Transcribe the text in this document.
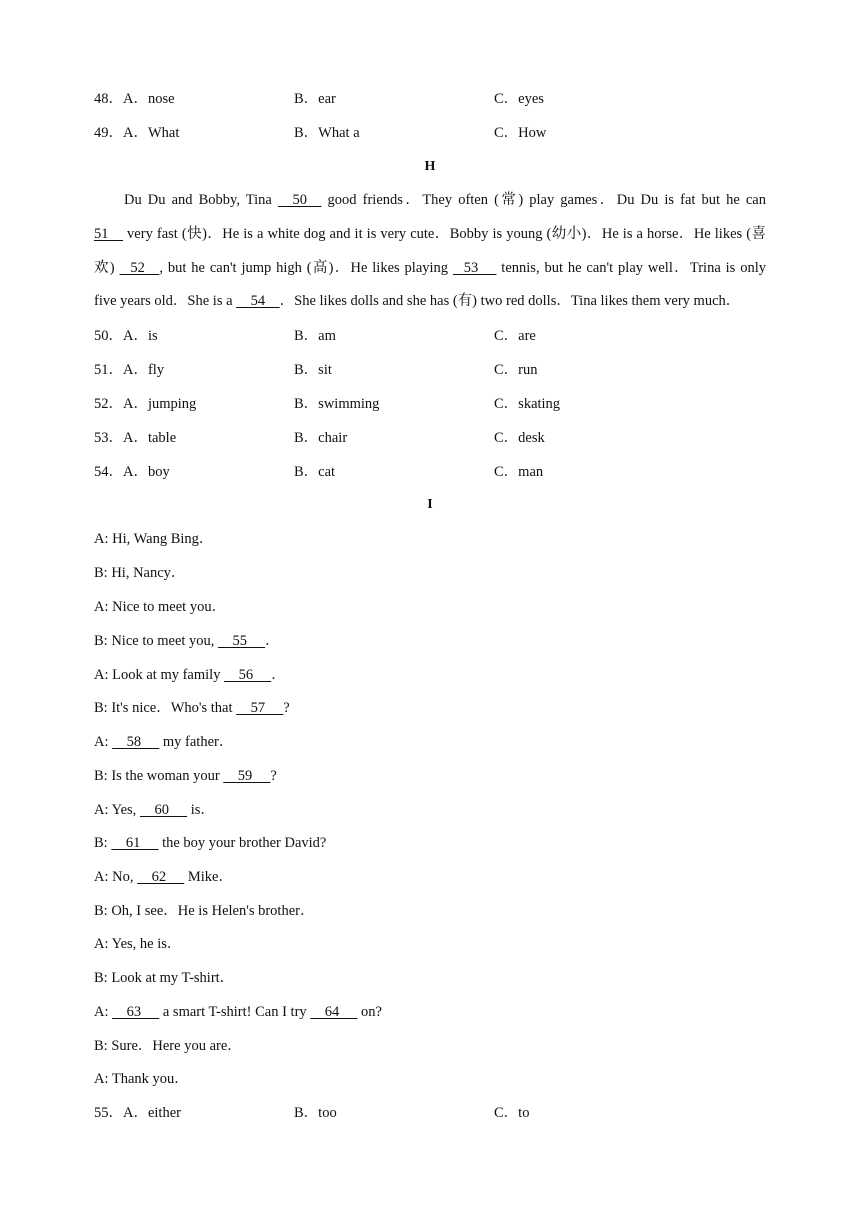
48．A．nose	B．ear	C．eyes
49．A．What	B．What a	C．How
H
Du Du and Bobby, Tina     50     good friends．They often (常) play games．Du Du is fat but he can
51     very fast (快)．He is a white dog and it is very cute．Bobby is young (幼小)．He is a horse．He likes (喜
欢)    52    , but he can't jump high (高)．He likes playing    53      tennis, but he can't play well．Trina is only
five years old．She is a     54    ．She likes dolls and she has (有) two red dolls．Tina likes them very much．
50．A．is	B．am	C．are
51．A．fly	B．sit	C．run
52．A．jumping	B．swimming	C．skating
53．A．table	B．chair	C．desk
54．A．boy	B．cat	C．man
I
A: Hi, Wang Bing．
B: Hi, Nancy．
A: Nice to meet you．
B: Nice to meet you,     55     ．
A: Look at my family     56     ．
B: It's nice．Who's that     57     ?
A:     58      my father．
B: Is the woman your     59     ?
A: Yes,     60      is．
B:     61      the boy your brother David?
A: No,     62      Mike．
B: Oh, I see．He is Helen's brother．
A: Yes, he is．
B: Look at my T-shirt．
A:     63      a smart T-shirt! Can I try     64      on?
B: Sure．Here you are．
A: Thank you．
55．A．either	B．too	C．to
